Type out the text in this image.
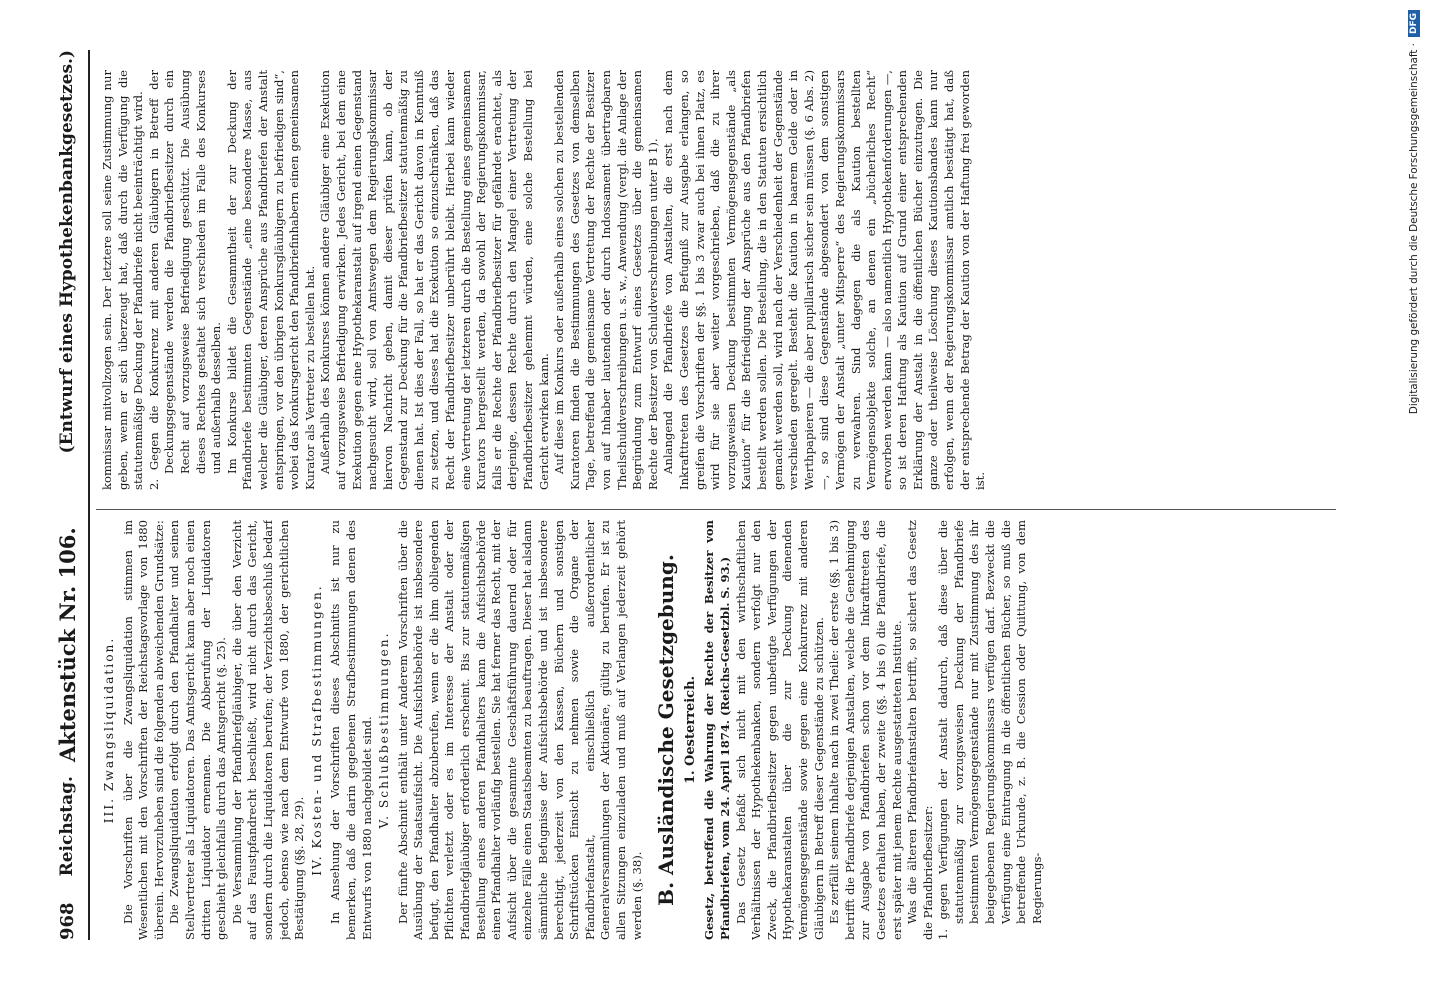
968
Reichstag.
Aktenstück Nr. 106.
(Entwurf eines Hypothekenbankgesetzes.)
III. Zwangsliquidation. Die Vorschriften über die Zwangsliquidation stimmen im Wesentlichen mit den Vorschriften der Reichstagsvorlage von 1880 überein. Hervorzuheben sind die folgenden abweichenden Grundsätze: Die Zwangsliquidation erfolgt durch den Pfandhalter und seinen Stellvertreter als Liquidatoren. Das Amtsgericht kann aber noch einen dritten Liquidator ernennen. Die Abberufung der Liquidatoren geschieht gleichfalls durch das Amtsgericht (§. 25). Die Versammlung der Pfandbriefgläubiger, die über den Verzicht auf das Faustpfandrecht beschließt, wird nicht durch das Gericht, sondern durch die Liquidatoren berufen; der Verzichtsbeschluß bedarf jedoch, ebenso wie nach dem Entwurfe von 1880, der gerichtlichen Bestätigung (§§. 28, 29). IV. Kosten- und Strafbestimmungen. In Ansehung der Vorschriften dieses Abschnitts ist nur zu bemerken, daß die darin gegebenen Strafbestimmungen denen des Entwurfs von 1880 nachgebildet sind. V. Schlußbestimmungen. Der fünfte Abschnitt enthält unter Anderem Vorschriften über die Ausübung der Staatsaufsicht. Die Aufsichtsbehörde ist insbesondere befugt, den Pfandhalter abzuberufen, wenn er die ihm obliegenden Pflichten verletzt oder es im Interesse der Anstalt oder der Pfandbriefgläubiger erforderlich erscheint. Bis zur statutenmäßigen Bestellung eines anderen Pfandhalters kann die Aufsichtsbehörde einen Pfandhalter vorläufig bestellen. Sie hat ferner das Recht, mit der Aufsicht über die gesammte Geschäftsführung dauernd oder für einzelne Fälle einen Staatsbeamten zu beauftragen. Dieser hat alsdann sämmtliche Befugnisse der Aufsichtsbehörde und ist insbesondere berechtigt, jederzeit von den Kassen, Büchern und sonstigen Schriftstücken Einsicht zu nehmen sowie die Organe der Pfandbriefanstalt, einschließlich außerordentlicher Generalversammlungen der Aktionäre, gültig zu berufen. Er ist zu allen Sitzungen einzuladen und muß auf Verlangen jederzeit gehört werden (§. 38). B. Ausländische Gesetzgebung. 1. Oesterreich. Gesetz, betreffend die Wahrung der Rechte der Besitzer von Pfandbriefen, vom 24. April 1874. (Reichs-Gesetzbl. S. 93.) Das Gesetz befaßt sich nicht mit den wirthschaftlichen Verhältnissen der Hypothekenbanken, sondern verfolgt nur den Zweck, die Pfandbriefbesitzer gegen unbefugte Verfügungen der Hypothekaranstalten über die zur Deckung dienenden Vermögensgegenstände sowie gegen eine Konkurrenz mit anderen Gläubigern in Betreff dieser Gegenstände zu schützen. Es zerfällt seinem Inhalte nach in zwei Theile: der erste (§§. 1 bis 3) betrifft die Pfandbriefe derjenigen Anstalten, welche die Genehmigung zur Ausgabe von Pfandbriefen schon vor dem Inkrafttreten des Gesetzes erhalten haben, der zweite (§§. 4 bis 6) die Pfandbriefe, die erst später mit jenem Rechte ausgestatteten Institute. Was die älteren Pfandbriefanstalten betrifft, so sichert das Gesetz die Pfandbriefbesitzer: 1. gegen Verfügungen der Anstalt dadurch, daß diese über die statutenmäßig zur vorzugsweisen Deckung der Pfandbriefe bestimmten Vermögensgegenstände nur mit Zustimmung des ihr beigegebenen Regierungskommissars verfügen darf. Bezweckt die Verfügung eine Eintragung in die öffentlichen Bücher, so muß die betreffende Urkunde, z. B. die Cession oder Quittung, von dem Regierungs-

kommissar mitvollzogen sein. Der letztere soll seine Zustimmung nur geben, wenn er sich überzeugt hat, daß durch die Verfügung die statutenmäßige Deckung der Pfandbriefe nicht beeinträchtigt wird. 2. Gegen die Konkurrenz mit anderen Gläubigern in Betreff der Deckungsgegenstände werden die Pfandbriefbesitzer durch ein Recht auf vorzugsweise Befriedigung geschützt. Die Ausübung dieses Rechtes gestaltet sich verschieden im Falle des Konkurses und außerhalb desselben. Im Konkurse bildet die Gesammtheit der zur Deckung der Pfandbriefe bestimmten Gegenstände „eine besondere Masse, aus welcher die Gläubiger, deren Ansprüche aus Pfandbriefen der Anstalt entspringen, vor den übrigen Konkursgläubigern zu befriedigen sind“, wobei das Konkursgericht den Pfandbriefinhabern einen gemeinsamen Kurator als Vertreter zu bestellen hat. Außerhalb des Konkurses können andere Gläubiger eine Exekution auf vorzugsweise Befriedigung erwirken. Jedes Gericht, bei dem eine Exekution gegen eine Hypothekaranstalt auf irgend einen Gegenstand nachgesucht wird, soll von Amtswegen dem Regierungskommissar hiervon Nachricht geben, damit dieser prüfen kann, ob der Gegenstand zur Deckung für die Pfandbriefbesitzer statutenmäßig zu dienen hat. Ist dies der Fall, so hat er das Gericht davon in Kenntniß zu setzen, und dieses hat die Exekution so einzuschränken, daß das Recht der Pfandbriefbesitzer unberührt bleibt. Hierbei kann wieder eine Vertretung der letzteren durch die Bestellung eines gemeinsamen Kurators hergestellt werden, da sowohl der Regierungskommissar, falls er die Rechte der Pfandbriefbesitzer für gefährdet erachtet, als derjenige, dessen Rechte durch den Mangel einer Vertretung der Pfandbriefbesitzer gehemmt würden, eine solche Bestellung bei Gericht erwirken kann. Auf diese im Konkurs oder außerhalb eines solchen zu bestellenden Kuratoren finden die Bestimmungen des Gesetzes von demselben Tage, betreffend die gemeinsame Vertretung der Rechte der Besitzer von auf Inhaber lautenden oder durch Indossament übertragbaren Theilschuldverschreibungen u. s. w., Anwendung (vergl. die Anlage der Begründung zum Entwurf eines Gesetzes über die gemeinsamen Rechte der Besitzer von Schuldverschreibungen unter B 1). Anlangend die Pfandbriefe von Anstalten, die erst nach dem Inkrafttreten des Gesetzes die Befugniß zur Ausgabe erlangen, so greifen die Vorschriften der §§. 1 bis 3 zwar auch bei ihnen Platz, es wird für sie aber weiter vorgeschrieben, daß die zu ihrer vorzugsweisen Deckung bestimmten Vermögensgegenstände „als Kaution“ für die Befriedigung der Ansprüche aus den Pfandbriefen bestellt werden sollen. Die Bestellung, die in den Statuten ersichtlich gemacht werden soll, wird nach der Verschiedenheit der Gegenstände verschieden geregelt. Besteht die Kaution in baarem Gelde oder in Werthpapieren — die aber pupillarisch sicher sein müssen (§. 6 Abs. 2) —, so sind diese Gegenstände abgesondert von dem sonstigen Vermögen der Anstalt „unter Mitsperre“ des Regierungskommissars zu verwahren. Sind dagegen die als Kaution bestellten Vermögensobjekte solche, an denen ein „bücherliches Recht“ erworben werden kann — also namentlich Hypothekenforderungen —, so ist deren Haftung als Kaution auf Grund einer entsprechenden Erklärung der Anstalt in die öffentlichen Bücher einzutragen. Die ganze oder theilweise Löschung dieses Kautionsbandes kann nur erfolgen, wenn der Regierungskommissar amtlich bestätigt hat, daß der entsprechende Betrag der Kaution von der Haftung frei geworden ist.

Digitalisierung gefördert durch die Deutsche Forschungsgemeinschaft ·
DFG
